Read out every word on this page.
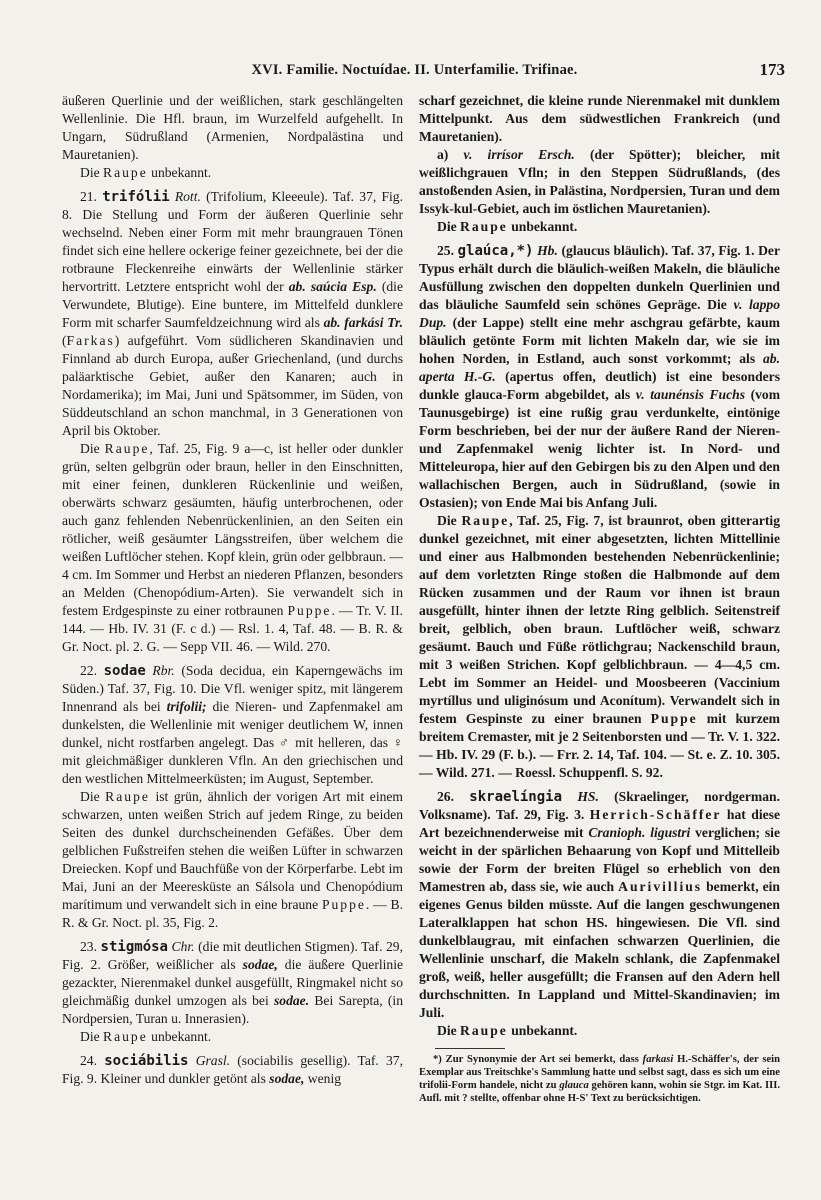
XVI. Familie. Noctuídae. II. Unterfamilie. Trifinae.	173

äußeren Querlinie und der weißlichen, stark geschlängelten Wellenlinie. Die Hfl. braun, im Wurzelfeld aufgehellt. In Ungarn, Südrußland (Armenien, Nordpalästina und Mauretanien).

Die Raupe unbekannt.

21. trifólii Rott. (Trifolium, Kleeeule). Taf. 37, Fig. 8. Die Stellung und Form der äußeren Querlinie sehr wechselnd. Neben einer Form mit mehr braungrauen Tönen findet sich eine hellere ockerige feiner gezeichnete, bei der die rotbraune Fleckenreihe einwärts der Wellenlinie stärker hervortritt. Letztere entspricht wohl der ab. saúcia Esp. (die Verwundete, Blutige). Eine buntere, im Mittelfeld dunklere Form mit scharfer Saumfeldzeichnung wird als ab. farkási Tr. (Farkas) aufgeführt. Vom südlicheren Skandinavien und Finnland ab durch Europa, außer Griechenland, (und durchs paläarktische Gebiet, außer den Kanaren; auch in Nordamerika); im Mai, Juni und Spätsommer, im Süden, von Süddeutschland an schon manchmal, in 3 Generationen von April bis Oktober.

Die Raupe, Taf. 25, Fig. 9 a—c, ist heller oder dunkler grün, selten gelbgrün oder braun, heller in den Einschnitten, mit einer feinen, dunkleren Rückenlinie und weißen, oberwärts schwarz gesäumten, häufig unterbrochenen, oder auch ganz fehlenden Nebenrückenlinien, an den Seiten ein rötlicher, weiß gesäumter Längsstreifen, über welchem die weißen Luftlöcher stehen. Kopf klein, grün oder gelbbraun. — 4 cm. Im Sommer und Herbst an niederen Pflanzen, besonders an Melden (Chenopódium-Arten). Sie verwandelt sich in festem Erdgespinste zu einer rotbraunen Puppe. — Tr. V. II. 144. — Hb. IV. 31 (F. c d.) — Rsl. 1. 4, Taf. 48. — B. R. & Gr. Noct. pl. 2. G. — Sepp VII. 46. — Wild. 270.

22. sodae Rbr. (Soda decidua, ein Kaperngewächs im Süden.) Taf. 37, Fig. 10. Die Vfl. weniger spitz, mit längerem Innenrand als bei trifolii; die Nieren- und Zapfenmakel am dunkelsten, die Wellenlinie mit weniger deutlichem W, innen dunkel, nicht rostfarben angelegt. Das ♂ mit helleren, das ♀ mit gleichmäßiger dunkleren Vfln. An den griechischen und den westlichen Mittelmeerküsten; im August, September.

Die Raupe ist grün, ähnlich der vorigen Art mit einem schwarzen, unten weißen Strich auf jedem Ringe, zu beiden Seiten des dunkel durchscheinenden Gefäßes. Über dem gelblichen Fußstreifen stehen die weißen Lüfter in schwarzen Dreiecken. Kopf und Bauchfüße von der Körperfarbe. Lebt im Mai, Juni an der Meeresküste an Sálsola und Chenopódium marítimum und verwandelt sich in eine braune Puppe. — B. R. & Gr. Noct. pl. 35, Fig. 2.

23. stigmósa Chr. (die mit deutlichen Stigmen). Taf. 29, Fig. 2. Größer, weißlicher als sodae, die äußere Querlinie gezackter, Nierenmakel dunkel ausgefüllt, Ringmakel nicht so gleichmäßig dunkel umzogen als bei sodae. Bei Sarepta, (in Nordpersien, Turan u. Innerasien).

Die Raupe unbekannt.

24. sociábilis Grasl. (sociabilis gesellig). Taf. 37, Fig. 9. Kleiner und dunkler getönt als sodae, wenig

scharf gezeichnet, die kleine runde Nierenmakel mit dunklem Mittelpunkt. Aus dem südwestlichen Frankreich (und Mauretanien).

a) v. irrísor Ersch. (der Spötter); bleicher, mit weißlichgrauen Vfln; in den Steppen Südrußlands, (des anstoßenden Asien, in Palästina, Nordpersien, Turan und dem Issyk-kul-Gebiet, auch im östlichen Mauretanien).

Die Raupe unbekannt.

25. glaúca,*) Hb. (glaucus bläulich). Taf. 37, Fig. 1. Der Typus erhält durch die bläulich-weißen Makeln, die bläuliche Ausfüllung zwischen den doppelten dunkeln Querlinien und das bläuliche Saumfeld sein schönes Gepräge. Die v. lappo Dup. (der Lappe) stellt eine mehr aschgrau gefärbte, kaum bläulich getönte Form mit lichten Makeln dar, wie sie im hohen Norden, in Estland, auch sonst vorkommt; als ab. aperta H.-G. (apertus offen, deutlich) ist eine besonders dunkle glauca-Form abgebildet, als v. taunénsis Fuchs (vom Taunusgebirge) ist eine rußig grau verdunkelte, eintönige Form beschrieben, bei der nur der äußere Rand der Nieren- und Zapfenmakel wenig lichter ist. In Nord- und Mitteleuropa, hier auf den Gebirgen bis zu den Alpen und den wallachischen Bergen, auch in Südrußland, (sowie in Ostasien); von Ende Mai bis Anfang Juli.

Die Raupe, Taf. 25, Fig. 7, ist braunrot, oben gitterartig dunkel gezeichnet, mit einer abgesetzten, lichten Mittellinie und einer aus Halbmonden bestehenden Nebenrückenlinie; auf dem vorletzten Ringe stoßen die Halbmonde auf dem Rücken zusammen und der Raum vor ihnen ist braun ausgefüllt, hinter ihnen der letzte Ring gelblich. Seitenstreif breit, gelblich, oben braun. Luftlöcher weiß, schwarz gesäumt. Bauch und Füße rötlichgrau; Nackenschild braun, mit 3 weißen Strichen. Kopf gelblichbraun. — 4—4,5 cm. Lebt im Sommer an Heidel- und Moosbeeren (Vaccinium myrtíllus und uliginósum und Aconítum). Verwandelt sich in festem Gespinste zu einer braunen Puppe mit kurzem breitem Cremaster, mit je 2 Seitenborsten und — Tr. V. 1. 322. — Hb. IV. 29 (F. b.). — Frr. 2. 14, Taf. 104. — St. e. Z. 10. 305. — Wild. 271. — Roessl. Schuppenfl. S. 92.

26. skraelíngia HS. (Skraelinger, nordgerman. Volksname). Taf. 29, Fig. 3. Herrich-Schäffer hat diese Art bezeichnenderweise mit Cranioph. ligustri verglichen; sie weicht in der spärlichen Behaarung von Kopf und Mittelleib sowie der Form der breiten Flügel so erheblich von den Mamestren ab, dass sie, wie auch Aurivillius bemerkt, ein eigenes Genus bilden müsste. Auf die langen geschwungenen Lateralklappen hat schon HS. hingewiesen. Die Vfl. sind dunkelblaugrau, mit einfachen schwarzen Querlinien, die Wellenlinie unscharf, die Makeln schlank, die Zapfenmakel groß, weiß, heller ausgefüllt; die Fransen auf den Adern hell durchschnitten. In Lappland und Mittel-Skandinavien; im Juli.

Die Raupe unbekannt.

*) Zur Synonymie der Art sei bemerkt, dass farkasi H.-Schäffer's, der sein Exemplar aus Treitschke's Sammlung hatte und selbst sagt, dass es sich um eine trifolii-Form handele, nicht zu glauca gehören kann, wohin sie Stgr. im Kat. III. Aufl. mit ? stellte, offenbar ohne H-S' Text zu berücksichtigen.
